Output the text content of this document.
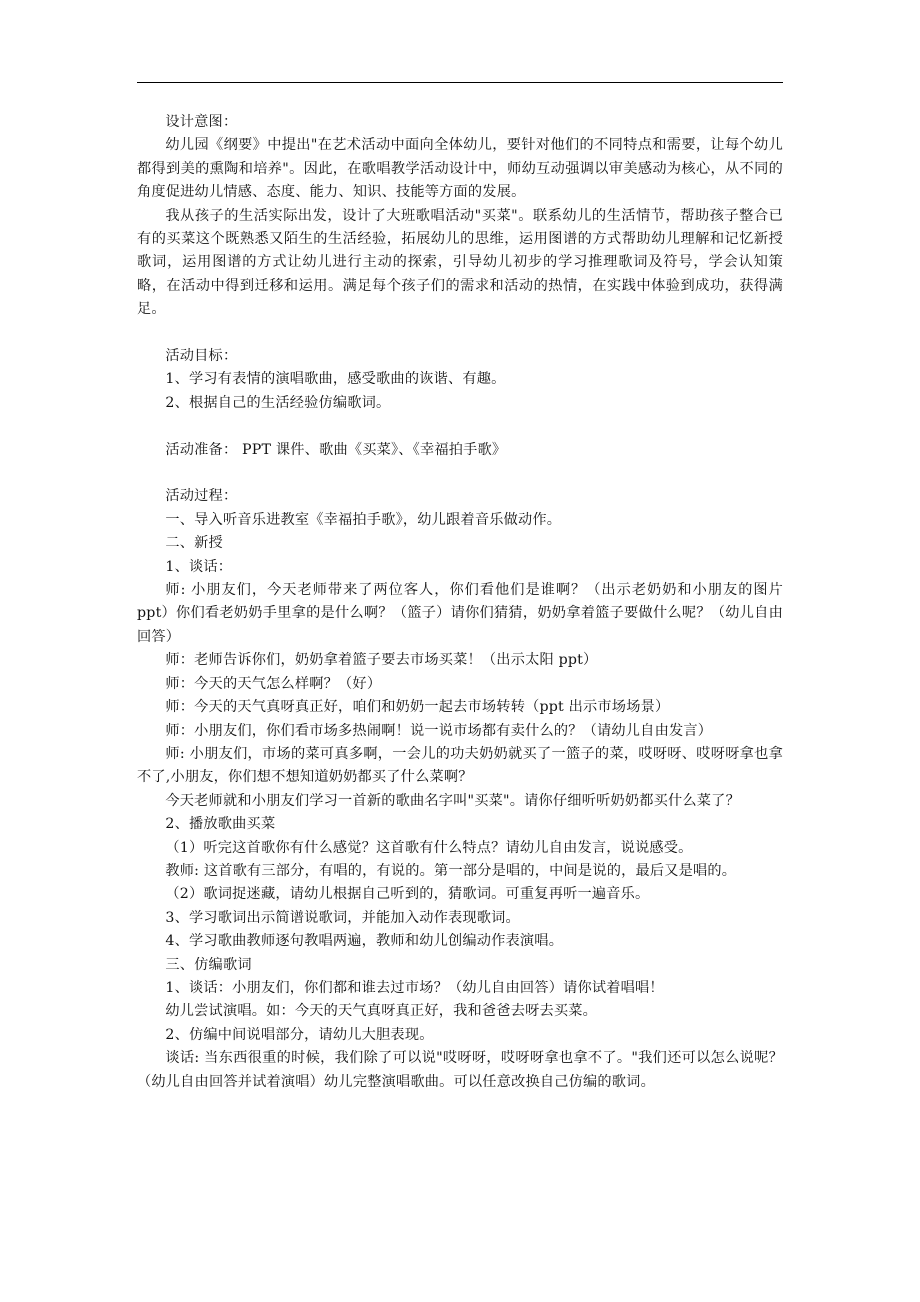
设计意图：

幼儿园《纲要》中提出"在艺术活动中面向全体幼儿，要针对他们的不同特点和需要，让每个幼儿都得到美的熏陶和培养"。因此，在歌唱教学活动设计中，师幼互动强调以审美感动为核心，从不同的角度促进幼儿情感、态度、能力、知识、技能等方面的发展。

我从孩子的生活实际出发，设计了大班歌唱活动"买菜"。联系幼儿的生活情节，帮助孩子整合已有的买菜这个既熟悉又陌生的生活经验，拓展幼儿的思维，运用图谱的方式帮助幼儿理解和记忆新授歌词，运用图谱的方式让幼儿进行主动的探索，引导幼儿初步的学习推理歌词及符号，学会认知策略，在活动中得到迁移和运用。满足每个孩子们的需求和活动的热情，在实践中体验到成功，获得满足。

活动目标：

1、学习有表情的演唱歌曲，感受歌曲的诙谐、有趣。

2、根据自己的生活经验仿编歌词。

活动准备： PPT 课件、歌曲《买菜》、《幸福拍手歌》

活动过程：

一、导入听音乐进教室《幸福拍手歌》，幼儿跟着音乐做动作。

二、新授

1、谈话：

师: 小朋友们，今天老师带来了两位客人，你们看他们是谁啊？（出示老奶奶和小朋友的图片 ppt）你们看老奶奶手里拿的是什么啊？（篮子）请你们猜猜，奶奶拿着篮子要做什么呢？（幼儿自由回答）

师：老师告诉你们，奶奶拿着篮子要去市场买菜！（出示太阳 ppt）

师：今天的天气怎么样啊？（好）

师：今天的天气真呀真正好，咱们和奶奶一起去市场转转（ppt 出示市场场景）

师：小朋友们，你们看市场多热闹啊！说一说市场都有卖什么的？（请幼儿自由发言）

师: 小朋友们，市场的菜可真多啊，一会儿的功夫奶奶就买了一篮子的菜，哎呀呀、哎呀呀拿也拿不了,小朋友，你们想不想知道奶奶都买了什么菜啊？

今天老师就和小朋友们学习一首新的歌曲名字叫"买菜"。请你仔细听听奶奶都买什么菜了？

2、播放歌曲买菜

（1）听完这首歌你有什么感觉？这首歌有什么特点？请幼儿自由发言，说说感受。

教师: 这首歌有三部分，有唱的，有说的。第一部分是唱的，中间是说的，最后又是唱的。

（2）歌词捉迷藏，请幼儿根据自己听到的，猜歌词。可重复再听一遍音乐。

3、学习歌词出示简谱说歌词，并能加入动作表现歌词。

4、学习歌曲教师逐句教唱两遍，教师和幼儿创编动作表演唱。

三、仿编歌词

1、谈话：小朋友们，你们都和谁去过市场？（幼儿自由回答）请你试着唱唱！

幼儿尝试演唱。如：今天的天气真呀真正好，我和爸爸去呀去买菜。

2、仿编中间说唱部分，请幼儿大胆表现。

谈话: 当东西很重的时候，我们除了可以说"哎呀呀，哎呀呀拿也拿不了。"我们还可以怎么说呢？（幼儿自由回答并试着演唱）幼儿完整演唱歌曲。可以任意改换自己仿编的歌词。
